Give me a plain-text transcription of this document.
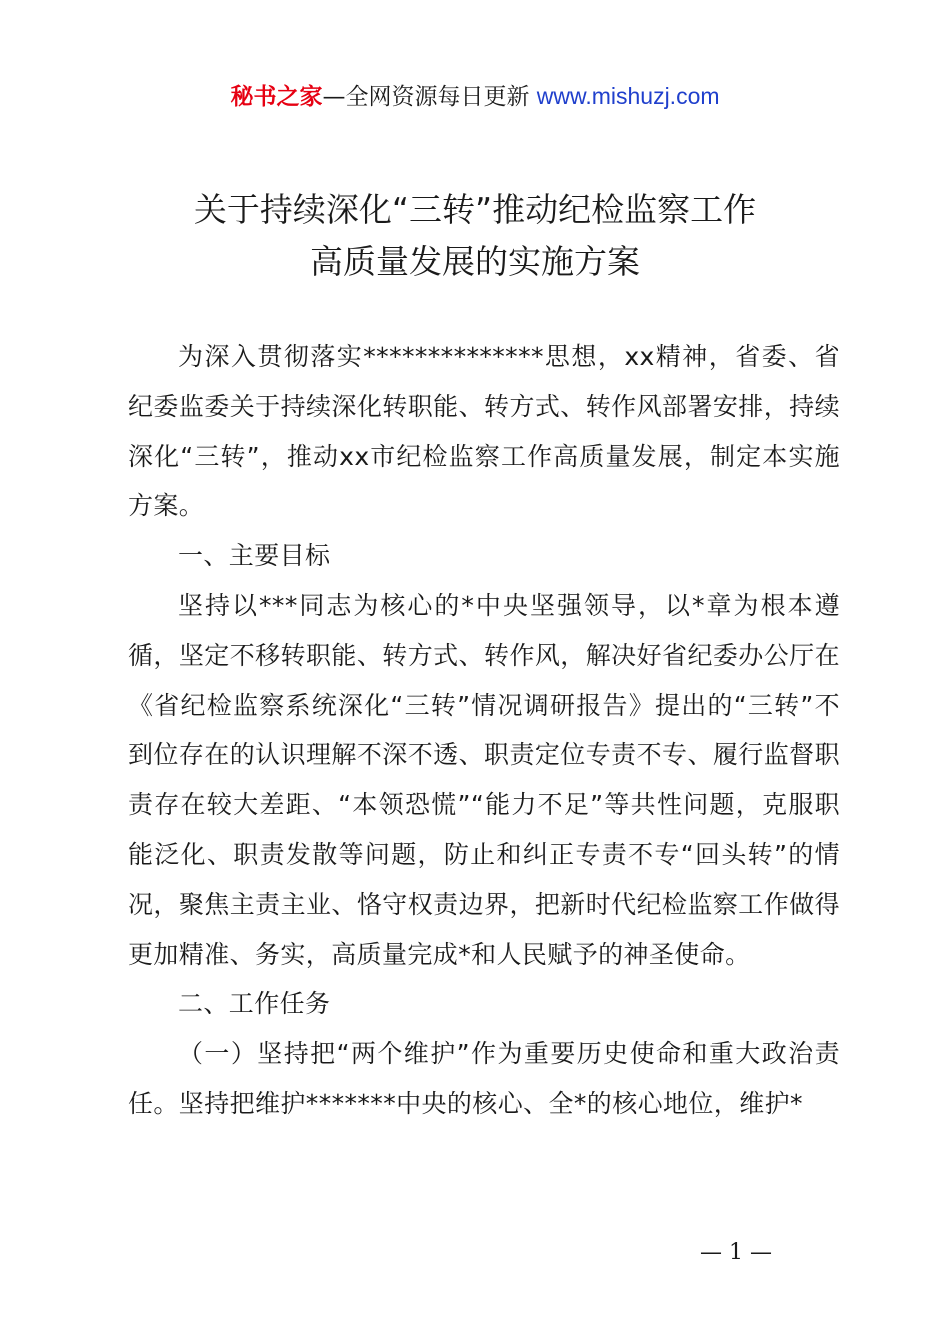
秘书之家—全网资源每日更新 www.mishuzj.com
关于持续深化“三转”推动纪检监察工作
高质量发展的实施方案

为深入贯彻落实**************思想，xx精神，省委、省纪委监委关于持续深化转职能、转方式、转作风部署安排，持续深化“三转”，推动xx市纪检监察工作高质量发展，制定本实施方案。

一、主要目标

坚持以***同志为核心的*中央坚强领导，以*章为根本遵循，坚定不移转职能、转方式、转作风，解决好省纪委办公厅在《省纪检监察系统深化“三转”情况调研报告》提出的“三转”不到位存在的认识理解不深不透、职责定位专责不专、履行监督职责存在较大差距、“本领恐慌”“能力不足”等共性问题，克服职能泛化、职责发散等问题，防止和纠正专责不专“回头转”的情况，聚焦主责主业、恪守权责边界，把新时代纪检监察工作做得更加精准、务实，高质量完成*和人民赋予的神圣使命。

二、工作任务

（一）坚持把“两个维护”作为重要历史使命和重大政治责任。坚持把维护*******中央的核心、全*的核心地位，维护*

— 1 —
